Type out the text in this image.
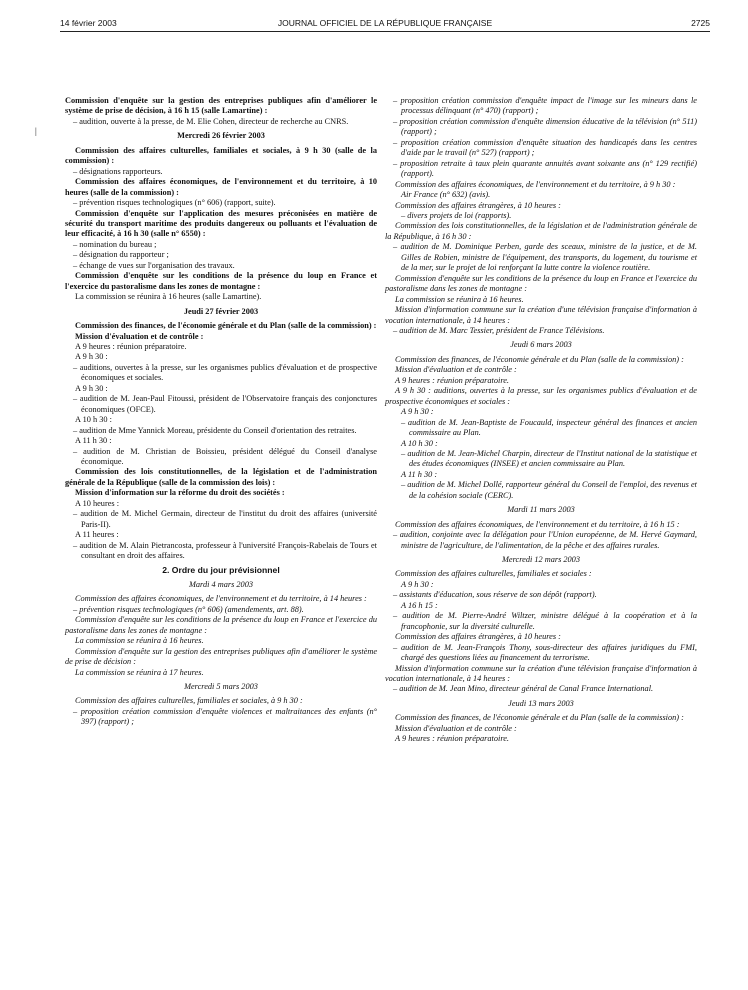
14 février 2003	JOURNAL OFFICIEL DE LA RÉPUBLIQUE FRANÇAISE	2725
|
Commission d'enquête sur la gestion des entreprises publiques afin d'améliorer le système de prise de décision, à 16 h 15 (salle Lamartine) :
– audition, ouverte à la presse, de M. Elie Cohen, directeur de recherche au CNRS.
Mercredi 26 février 2003
Commission des affaires culturelles, familiales et sociales, à 9 h 30 (salle de la commission) :
– désignations rapporteurs.
Commission des affaires économiques, de l'environnement et du territoire, à 10 heures (salle de la commission) :
– prévention risques technologiques (n° 606) (rapport, suite).
Commission d'enquête sur l'application des mesures préconisées en matière de sécurité du transport maritime des produits dangereux ou polluants et l'évaluation de leur efficacité, à 16 h 30 (salle n° 6550) :
– nomination du bureau ;
– désignation du rapporteur ;
– échange de vues sur l'organisation des travaux.
Commission d'enquête sur les conditions de la présence du loup en France et l'exercice du pastoralisme dans les zones de montagne :
La commission se réunira à 16 heures (salle Lamartine).
Jeudi 27 février 2003
Commission des finances, de l'économie générale et du Plan (salle de la commission) :
Mission d'évaluation et de contrôle :
A 9 heures : réunion préparatoire.
A 9 h 30 :
– auditions, ouvertes à la presse, sur les organismes publics d'évaluation et de prospective économiques et sociales.
A 9 h 30 :
– audition de M. Jean-Paul Fitoussi, président de l'Observatoire français des conjonctures économiques (OFCE).
A 10 h 30 :
– audition de Mme Yannick Moreau, présidente du Conseil d'orientation des retraites.
A 11 h 30 :
– audition de M. Christian de Boissieu, président délégué du Conseil d'analyse économique.
Commission des lois constitutionnelles, de la législation et de l'administration générale de la République (salle de la commission des lois) :
Mission d'information sur la réforme du droit des sociétés :
A 10 heures :
– audition de M. Michel Germain, directeur de l'institut du droit des affaires (université Paris-II).
A 11 heures :
– audition de M. Alain Pietrancosta, professeur à l'université François-Rabelais de Tours et consultant en droit des affaires.
2. Ordre du jour prévisionnel
Mardi 4 mars 2003
Commission des affaires économiques, de l'environnement et du territoire, à 14 heures :
– prévention risques technologiques (n° 606) (amendements, art. 88).
Commission d'enquête sur les conditions de la présence du loup en France et l'exercice du pastoralisme dans les zones de montagne :
La commission se réunira à 16 heures.
Commission d'enquête sur la gestion des entreprises publiques afin d'améliorer le système de prise de décision :
La commission se réunira à 17 heures.
Mercredi 5 mars 2003
Commission des affaires culturelles, familiales et sociales, à 9 h 30 :
– proposition création commission d'enquête violences et maltraitances des enfants (n° 397) (rapport) ;
– proposition création commission d'enquête impact de l'image sur les mineurs dans le processus délinquant (n° 470) (rapport) ;
– proposition création commission d'enquête dimension éducative de la télévision (n° 511) (rapport) ;
– proposition création commission d'enquête situation des handicapés dans les centres d'aide par le travail (n° 527) (rapport) ;
– proposition retraite à taux plein quarante annuités avant soixante ans (n° 129 rectifié) (rapport).
Commission des affaires économiques, de l'environnement et du territoire, à 9 h 30 :
Air France (n° 632) (avis).
Commission des affaires étrangères, à 10 heures :
– divers projets de loi (rapports).
Commission des lois constitutionnelles, de la législation et de l'administration générale de la République, à 16 h 30 :
– audition de M. Dominique Perben, garde des sceaux, ministre de la justice, et de M. Gilles de Robien, ministre de l'équipement, des transports, du logement, du tourisme et de la mer, sur le projet de loi renforçant la lutte contre la violence routière.
Commission d'enquête sur les conditions de la présence du loup en France et l'exercice du pastoralisme dans les zones de montagne :
La commission se réunira à 16 heures.
Mission d'information commune sur la création d'une télévision française d'information à vocation internationale, à 14 heures :
– audition de M. Marc Tessier, président de France Télévisions.
Jeudi 6 mars 2003
Commission des finances, de l'économie générale et du Plan (salle de la commission) :
Mission d'évaluation et de contrôle :
A 9 heures : réunion préparatoire.
A 9 h 30 : auditions, ouvertes à la presse, sur les organismes publics d'évaluation et de prospective économiques et sociales :
A 9 h 30 :
– audition de M. Jean-Baptiste de Foucauld, inspecteur général des finances et ancien commissaire au Plan.
A 10 h 30 :
– audition de M. Jean-Michel Charpin, directeur de l'Institut national de la statistique et des études économiques (INSEE) et ancien commissaire au Plan.
A 11 h 30 :
– audition de M. Michel Dollé, rapporteur général du Conseil de l'emploi, des revenus et de la cohésion sociale (CERC).
Mardi 11 mars 2003
Commission des affaires économiques, de l'environnement et du territoire, à 16 h 15 :
– audition, conjointe avec la délégation pour l'Union européenne, de M. Hervé Gaymard, ministre de l'agriculture, de l'alimentation, de la pêche et des affaires rurales.
Mercredi 12 mars 2003
Commission des affaires culturelles, familiales et sociales :
A 9 h 30 :
– assistants d'éducation, sous réserve de son dépôt (rapport).
A 16 h 15 :
– audition de M. Pierre-André Wiltzer, ministre délégué à la coopération et à la francophonie, sur la diversité culturelle.
Commission des affaires étrangères, à 10 heures :
– audition de M. Jean-François Thony, sous-directeur des affaires juridiques du FMI, chargé des questions liées au financement du terrorisme.
Mission d'information commune sur la création d'une télévision française d'information à vocation internationale, à 14 heures :
– audition de M. Jean Mino, directeur général de Canal France International.
Jeudi 13 mars 2003
Commission des finances, de l'économie générale et du Plan (salle de la commission) :
Mission d'évaluation et de contrôle :
A 9 heures : réunion préparatoire.
